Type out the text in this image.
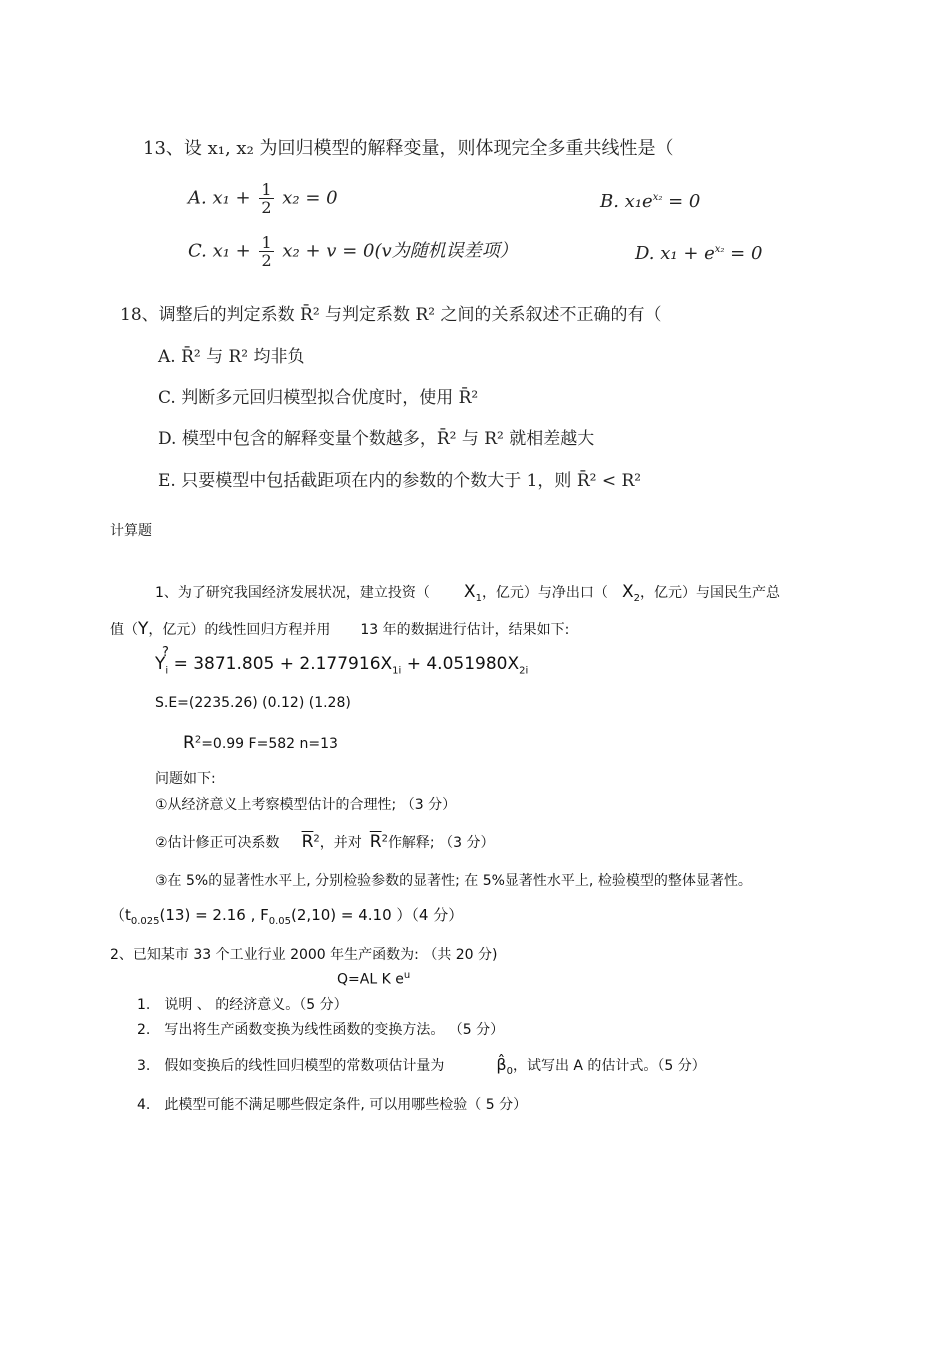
13、设 x₁, x₂ 为回归模型的解释变量，则体现完全多重共线性是（
A. $x_1 + \frac{1}{2} x_2 = 0$	B. $x_1e^{x_2} = 0$
C. $x_1 + \frac{1}{2} x_2 + v = 0(v$为随机误差项）	D. $x_1 + e^{x_2} = 0$
18、调整后的判定系数 R̄² 与判定系数 R² 之间的关系叙述不正确的有（
A. R̄² 与 R² 均非负
C. 判断多元回归模型拟合优度时，使用 R̄²
D. 模型中包含的解释变量个数越多，R̄² 与 R² 就相差越大
E. 只要模型中包括截距项在内的参数的个数大于 1，则 R̄² < R²
计算题
1、为了研究我国经济发展状况，建立投资（ $X_1$，亿元）与净出口（ $X_2$，亿元）与国民生产总
值（Y，亿元）的线性回归方程并用 13 年的数据进行估计，结果如下:
Y
?
$_i = 3871.805 + 2.177916X_{1i} + 4.051980X_{2i}$
S.E=(2235.26) (0.12) (1.28)
$R^2=0.99$ F=582 n=13
问题如下:
①从经济意义上考察模型估计的合理性; （3 分）
②估计修正可决系数 $\overline{R}^2$，并对 $\overline{R}^2$作解释; （3 分）
③在 5%的显著性水平上, 分别检验参数的显著性; 在 5%显著性水平上, 检验模型的整体显著性。
（$t_{0.025}(13) = 2.16$ , $F_{0.05}(2,10) = 4.10$ ）（4 分）
2、已知某市 33 个工业行业 2000 年生产函数为: （共 20 分)
Q=AL K $e^u$
1. 说明 、 的经济意义。（5 分）
2. 写出将生产函数变换为线性函数的变换方法。 （5 分）
3. 假如变换后的线性回归模型的常数项估计量为	$\betâ_0$，试写出 A 的估计式。（5 分）
4. 此模型可能不满足哪些假定条件, 可以用哪些检验（ 5 分）
